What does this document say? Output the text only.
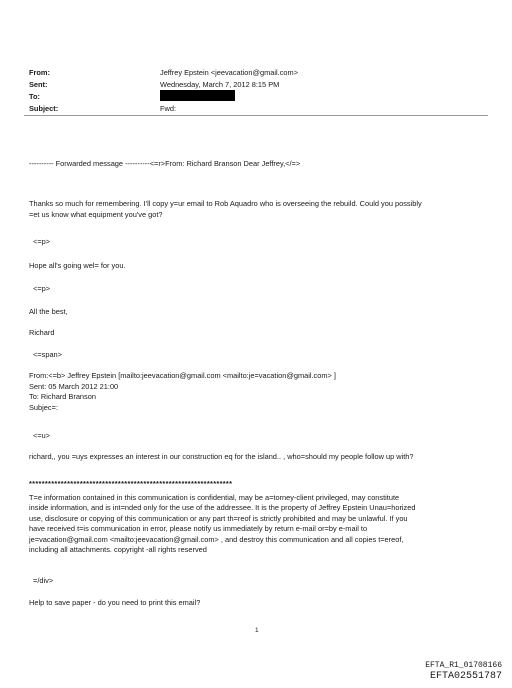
From:	Jeffrey Epstein <jeevacation@gmail.com>
Sent:	Wednesday, March 7, 2012 8:15 PM
To:
Subject:	Fwd:
---------- Forwarded message ----------<=r>From: Richard Branson Dear Jeffrey,</=>
Thanks so much for remembering. I'll copy y=ur email to Rob Aquadro who is overseeing the rebuild. Could you possibly
=et us know what equipment you've got?
<=p>
Hope all's going wel= for you.
<=p>
All the best,
Richard
<=span>
From:<=b> Jeffrey Epstein [mailto:jeevacation@gmail.com <mailto:je=vacation@gmail.com> ]
Sent: 05 March 2012 21:00
To: Richard Branson
Subjec=:
<=u>
richard,, you =uys expresses an interest in our construction eq for the island.. , who=should my people follow up with?
****************************************************************
T=e information contained in this communication is confidential, may be a=torney-client privileged, may constitute
inside information, and is int=nded only for the use of the addressee. It is the property of Jeffrey Epstein Unau=horized
use, disclosure or copying of this communication or any part th=reof is strictly prohibited and may be unlawful. If you
have received t=is communication in error, please notify us immediately by return e-mail or=by e-mail to
je=vacation@gmail.com <mailto:jeevacation@gmail.com> , and destroy this communication and all copies t=ereof,
including all attachments. copyright -all rights reserved
=/div>
Help to save paper - do you need to print this email?
1
EFTA_R1_01708166
EFTA02551787
